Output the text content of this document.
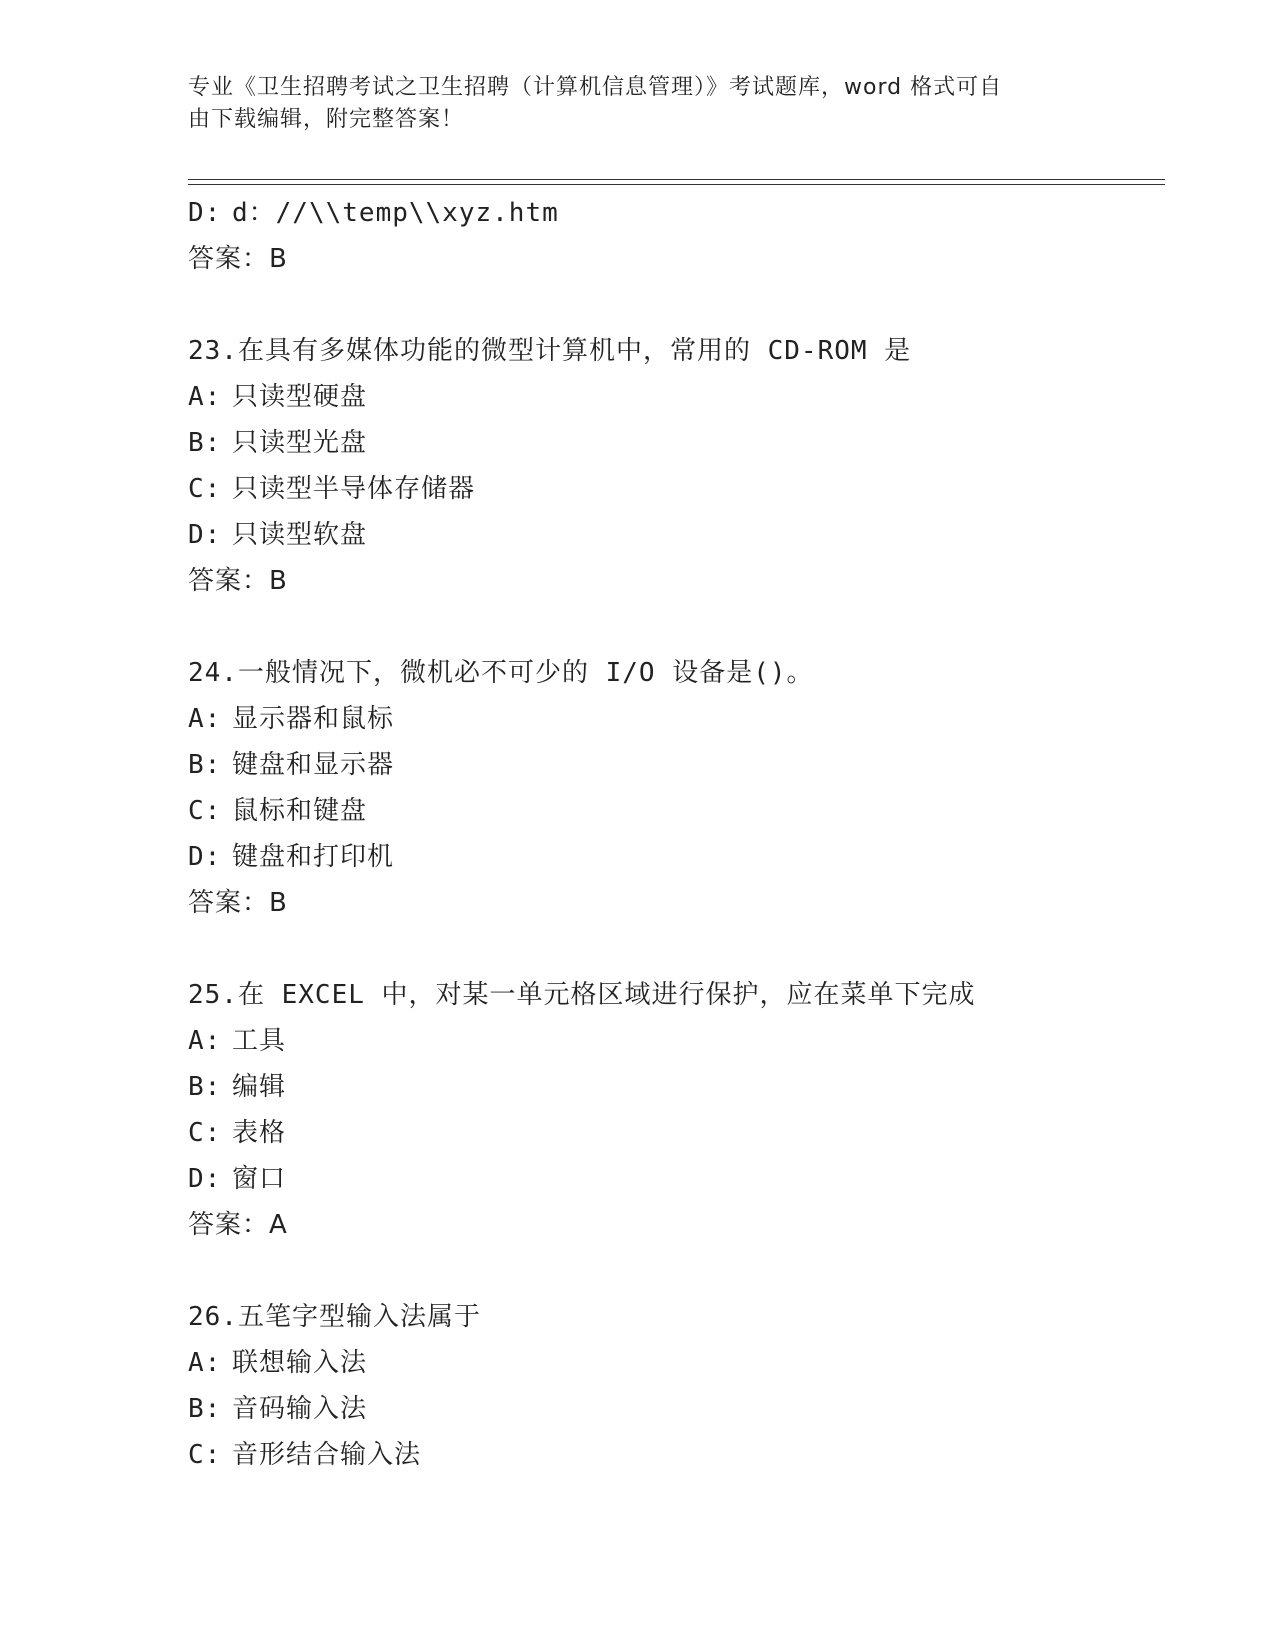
专业《卫生招聘考试之卫生招聘（计算机信息管理）》考试题库，word 格式可自
由下载编辑，附完整答案！
D: d：//\\temp\\xyz.htm
答案：B
23.在具有多媒体功能的微型计算机中，常用的 CD-ROM 是
A: 只读型硬盘
B: 只读型光盘
C: 只读型半导体存储器
D: 只读型软盘
答案：B
24.一般情况下，微机必不可少的 I/O 设备是()。
A: 显示器和鼠标
B: 键盘和显示器
C: 鼠标和键盘
D: 键盘和打印机
答案：B
25.在 EXCEL 中，对某一单元格区域进行保护，应在菜单下完成
A: 工具
B: 编辑
C: 表格
D: 窗口
答案：A
26.五笔字型输入法属于
A: 联想输入法
B: 音码输入法
C: 音形结合输入法
